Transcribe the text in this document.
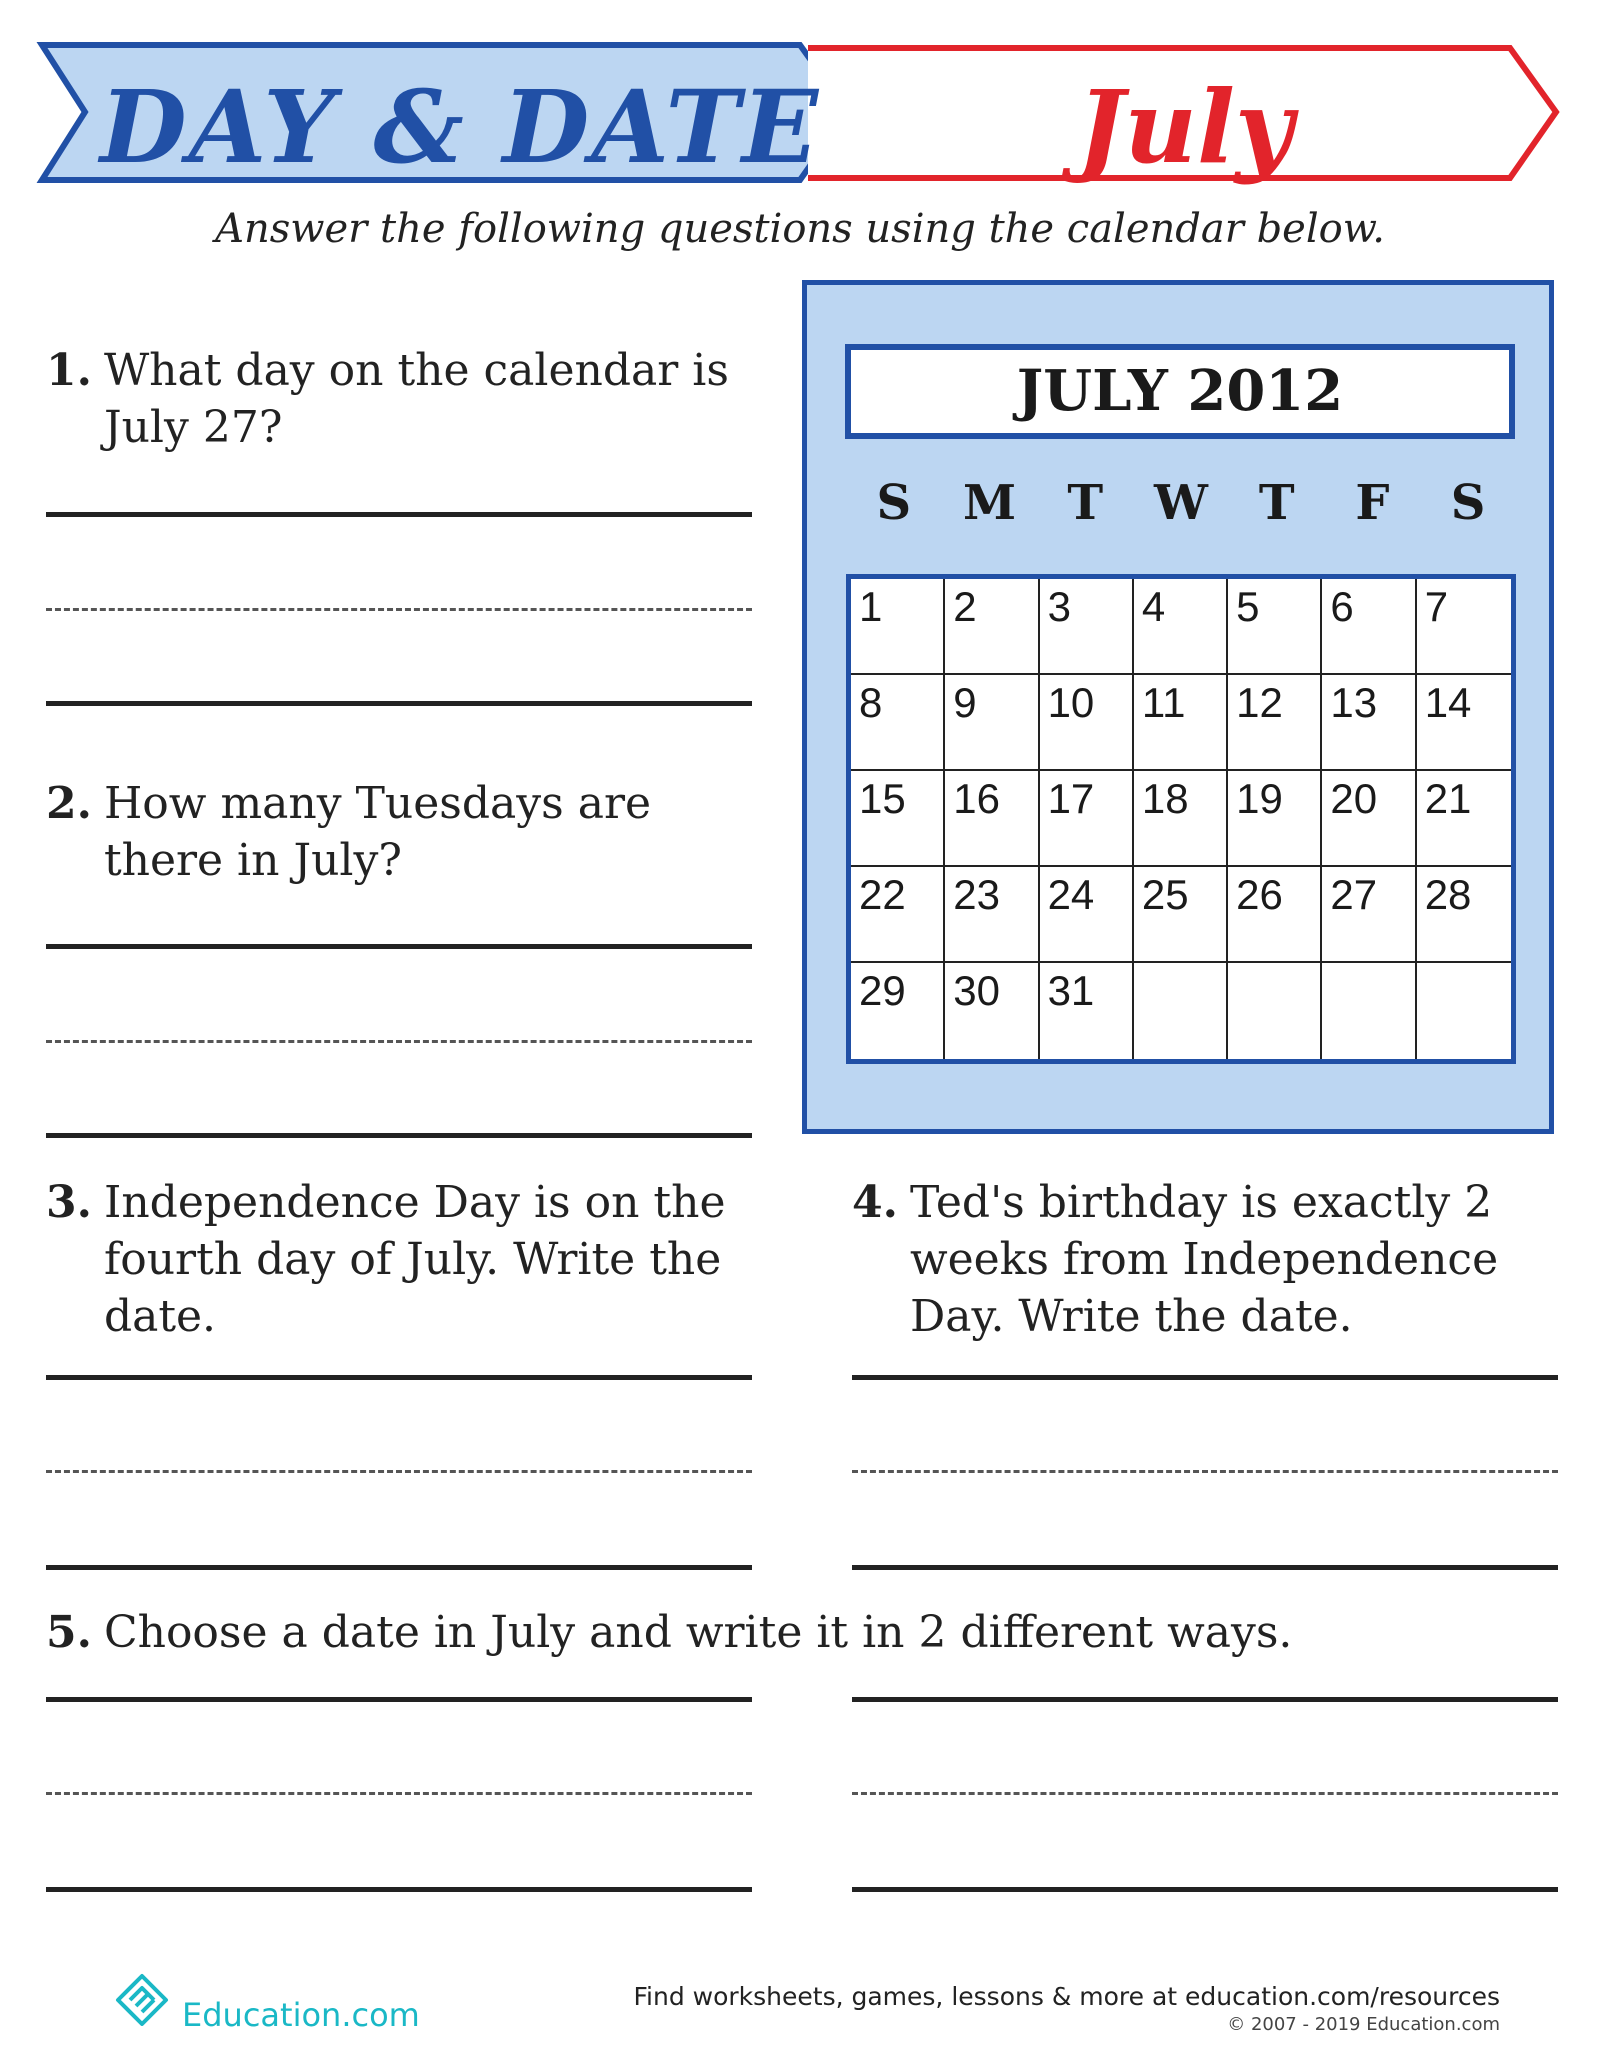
DAY & DATE	July
Answer the following questions using the calendar below.
1. What day on the calendar is July 27?
2. How many Tuesdays are there in July?
JULY 2012
S	M	T	W	T	F	S
1	2	3	4	5	6	7
8	9	10	11	12	13	14
15	16	17	18	19	20	21
22	23	24	25	26	27	28
29	30	31
3. Independence Day is on the fourth day of July. Write the date.
4. Ted's birthday is exactly 2 weeks from Independence Day. Write the date.
5. Choose a date in July and write it in 2 different ways.
Education.com	Find worksheets, games, lessons & more at education.com/resources
© 2007 - 2019 Education.com
